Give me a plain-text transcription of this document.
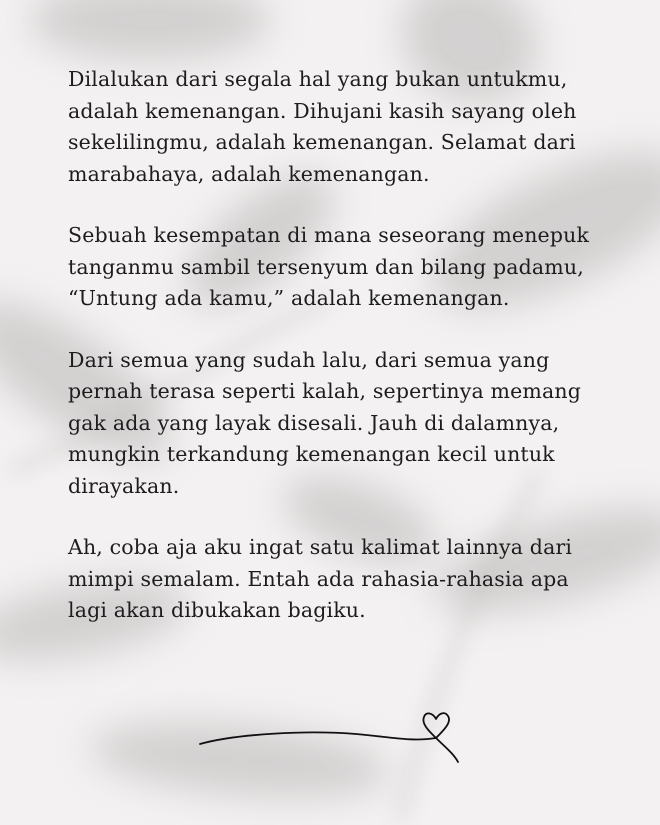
Dilalukan dari segala hal yang bukan untukmu,
adalah kemenangan. Dihujani kasih sayang oleh
sekelilingmu, adalah kemenangan. Selamat dari
marabahaya, adalah kemenangan.

Sebuah kesempatan di mana seseorang menepuk
tanganmu sambil tersenyum dan bilang padamu,
“Untung ada kamu,” adalah kemenangan.

Dari semua yang sudah lalu, dari semua yang
pernah terasa seperti kalah, sepertinya memang
gak ada yang layak disesali. Jauh di dalamnya,
mungkin terkandung kemenangan kecil untuk
dirayakan.

Ah, coba aja aku ingat satu kalimat lainnya dari
mimpi semalam. Entah ada rahasia-rahasia apa
lagi akan dibukakan bagiku.
